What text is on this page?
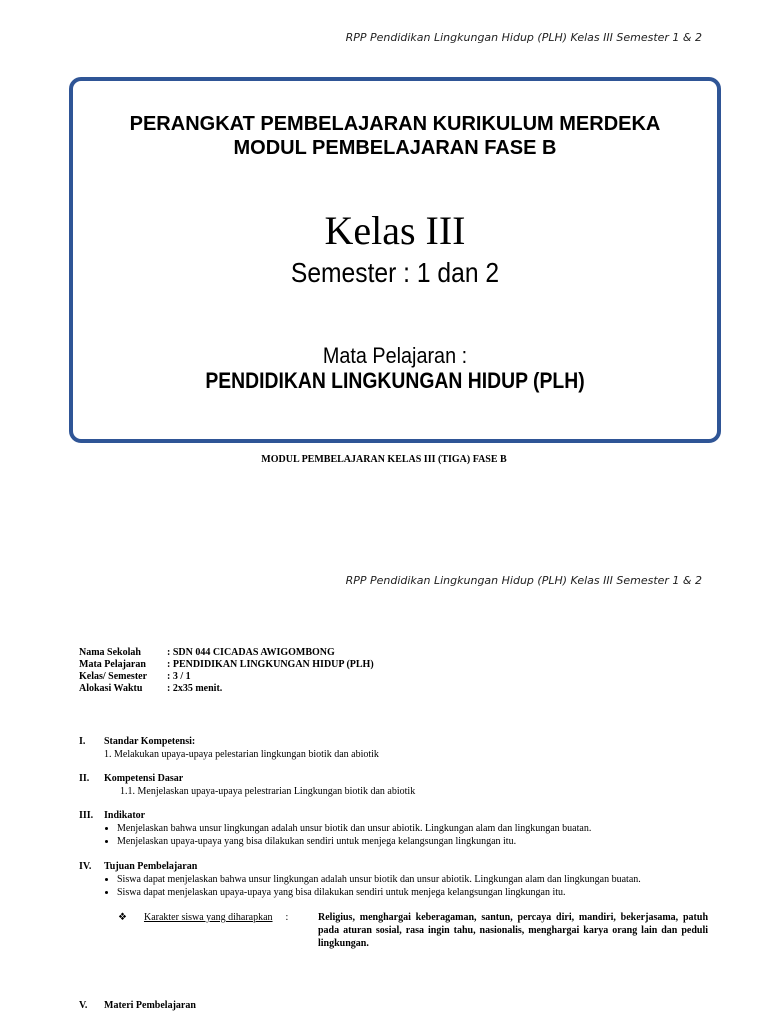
RPP Pendidikan Lingkungan Hidup (PLH) Kelas III Semester 1 & 2
PERANGKAT PEMBELAJARAN KURIKULUM MERDEKA
MODUL PEMBELAJARAN FASE B
Kelas III
Semester : 1 dan 2
Mata Pelajaran :
PENDIDIKAN LINGKUNGAN HIDUP (PLH)
MODUL PEMBELAJARAN KELAS III (TIGA) FASE B
RPP Pendidikan Lingkungan Hidup (PLH) Kelas III Semester 1 & 2
Nama Sekolah	: SDN 044 CICADAS AWIGOMBONG
Mata Pelajaran : PENDIDIKAN LINGKUNGAN HIDUP (PLH)
Kelas/ Semester : 3 / 1
Alokasi Waktu : 2x35 menit.
I. Standar Kompetensi:
1. Melakukan upaya-upaya pelestarian lingkungan biotik dan abiotik
II. Kompetensi Dasar
1.1. Menjelaskan upaya-upaya pelestrarian Lingkungan biotik dan abiotik
III. Indikator
• Menjelaskan bahwa unsur lingkungan adalah unsur biotik dan unsur abiotik. Lingkungan alam dan lingkungan buatan.
• Menjelaskan upaya-upaya yang bisa dilakukan sendiri untuk menjega kelangsungan lingkungan itu.
IV. Tujuan Pembelajaran
• Siswa dapat menjelaskan bahwa unsur lingkungan adalah unsur biotik dan unsur abiotik. Lingkungan alam dan lingkungan buatan.
• Siswa dapat menjelaskan upaya-upaya yang bisa dilakukan sendiri untuk menjega kelangsungan lingkungan itu.
❖ Karakter siswa yang diharapkan :	Religius, menghargai keberagaman, santun, percaya diri, mandiri, bekerjasama, patuh pada aturan sosial, rasa ingin tahu, nasionalis, menghargai karya orang lain dan peduli lingkungan.
V. Materi Pembelajaran
